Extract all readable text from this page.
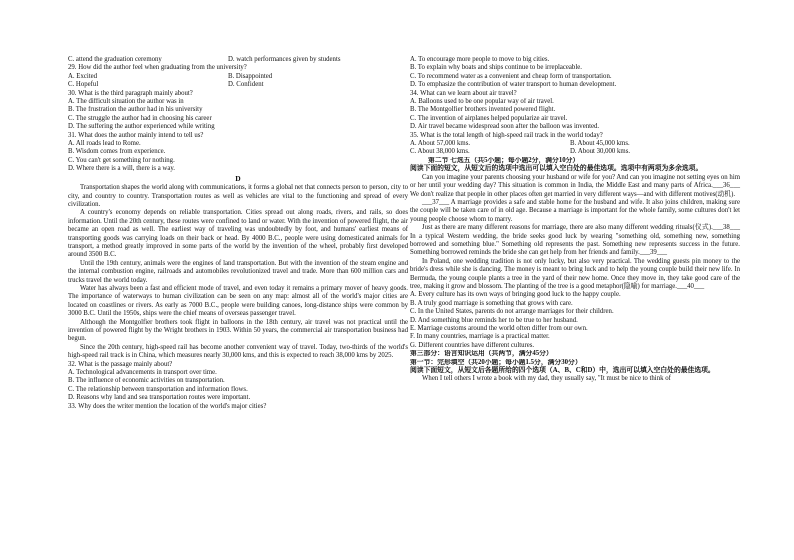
C. attend the graduation ceremony	D. watch performances given by students
29. How did the author feel when graduating from the university?
A. Excited	B. Disappointed
C. Hopeful	D. Confident
30. What is the third paragraph mainly about?
A. The difficult situation the author was in
B. The frustration the author had in his university
C. The struggle the author had in choosing his career
D. The suffering the author experienced while writing
31. What does the author mainly intend to tell us?
A. All roads lead to Rome.
B. Wisdom comes from experience.
C. You can't get something for nothing.
D. Where there is a will, there is a way.
D

Transportation shapes the world along with communications, it forms a global net that connects person to person, city to city, and country to country. Transportation routes as well as vehicles are vital to the functioning and spread of every civilization.

A country's economy depends on reliable transportation. Cities spread out along roads, rivers, and rails, so does information. Until the 20th century, these routes were confined to land or water. With the invention of powered flight, the air became an open road as well. The earliest way of traveling was undoubtedly by foot, and humans' earliest means of transporting goods was carrying loads on their back or head. By 4000 B.C., people were using domesticated animals for transport, a method greatly improved in some parts of the world by the invention of the wheel, probably first developed around 3500 B.C.

Until the 19th century, animals were the engines of land transportation. But with the invention of the steam engine and the internal combustion engine, railroads and automobiles revolutionized travel and trade. More than 600 million cars and trucks travel the world today.

Water has always been a fast and efficient mode of travel, and even today it remains a primary mover of heavy goods. The importance of waterways to human civilization can be seen on any map: almost all of the world's major cities are located on coastlines or rivers. As early as 7000 B.C., people were building canoes, long-distance ships were common by 3000 B.C. Until the 1950s, ships were the chief means of overseas passenger travel.

Although the Montgolfier brothers took flight in balloons in the 18th century, air travel was not practical until the invention of powered flight by the Wright brothers in 1903. Within 50 years, the commercial air transportation business had begun.

Since the 20th century, high-speed rail has become another convenient way of travel. Today, two-thirds of the world's high-speed rail track is in China, which measures nearly 30,000 kms, and this is expected to reach 38,000 kms by 2025.

32. What is the passage mainly about?
A. Technological advancements in transport over time.
B. The influence of economic activities on transportation.
C. The relationship between transportation and information flows.
D. Reasons why land and sea transportation routes were important.
33. Why does the writer mention the location of the world's major cities?
A. To encourage more people to move to big cities.
B. To explain why boats and ships continue to be irreplaceable.
C. To recommend water as a convenient and cheap form of transportation.
D. To emphasize the contribution of water transport to human development.
34. What can we learn about air travel?
A. Balloons used to be one popular way of air travel.
B. The Montgolfier brothers invented powered flight.
C. The invention of airplanes helped popularize air travel.
D. Air travel became widespread soon after the balloon was invented.
35. What is the total length of high-speed rail track in the world today?
A. About 57,000 kms.	B. About 45,000 kms.
C. About 38,000 kms.	D. About 30,000 kms.
第二节 七选五（共5小题；每小题2分，满分10分）

阅读下面的短文，从短文后的选项中选出可以填入空白处的最佳选项。选项中有两项为多余选项。

Can you imagine your parents choosing your husband or wife for you? And can you imagine not setting eyes on him or her until your wedding day? This situation is common in India, the Middle East and many parts of Africa.___36___ We don't realize that people in other places often get married in very different ways—and with different motives(动机).

___37___ A marriage provides a safe and stable home for the husband and wife. It also joins children, making sure the couple will be taken care of in old age. Because a marriage is important for the whole family, some cultures don't let young people choose whom to marry.

Just as there are many different reasons for marriage, there are also many different wedding rituals(仪式).___38___ In a typical Western wedding, the bride seeks good luck by wearing "something old, something new, something borrowed and something blue." Something old represents the past. Something new represents success in the future. Something borrowed reminds the bride she can get help from her friends and family.___39___

In Poland, one wedding tradition is not only lucky, but also very practical. The wedding guests pin money to the bride's dress while she is dancing. The money is meant to bring luck and to help the young couple build their new life. In Bermuda, the young couple plants a tree in the yard of their new home. Once they move in, they take good care of the tree, making it grow and blossom. The planting of the tree is a good metaphor(隐喻) for marriage.___40___

A. Every culture has its own ways of bringing good luck to the happy couple.
B. A truly good marriage is something that grows with care.
C. In the United States, parents do not arrange marriages for their children.
D. And something blue reminds her to be true to her husband.
E. Marriage customs around the world often differ from our own.
F. In many countries, marriage is a practical matter.
G. Different countries have different cultures.
第三部分：语言知识运用（共两节，满分45分）
第一节：完形填空（共20小题；每小题1.5分，满分30分）

阅读下面短文，从短文后各题所给的四个选项（A、B、C和D）中，选出可以填入空白处的最佳选项。

When I tell others I wrote a book with my dad, they usually say, "It must be nice to think of
